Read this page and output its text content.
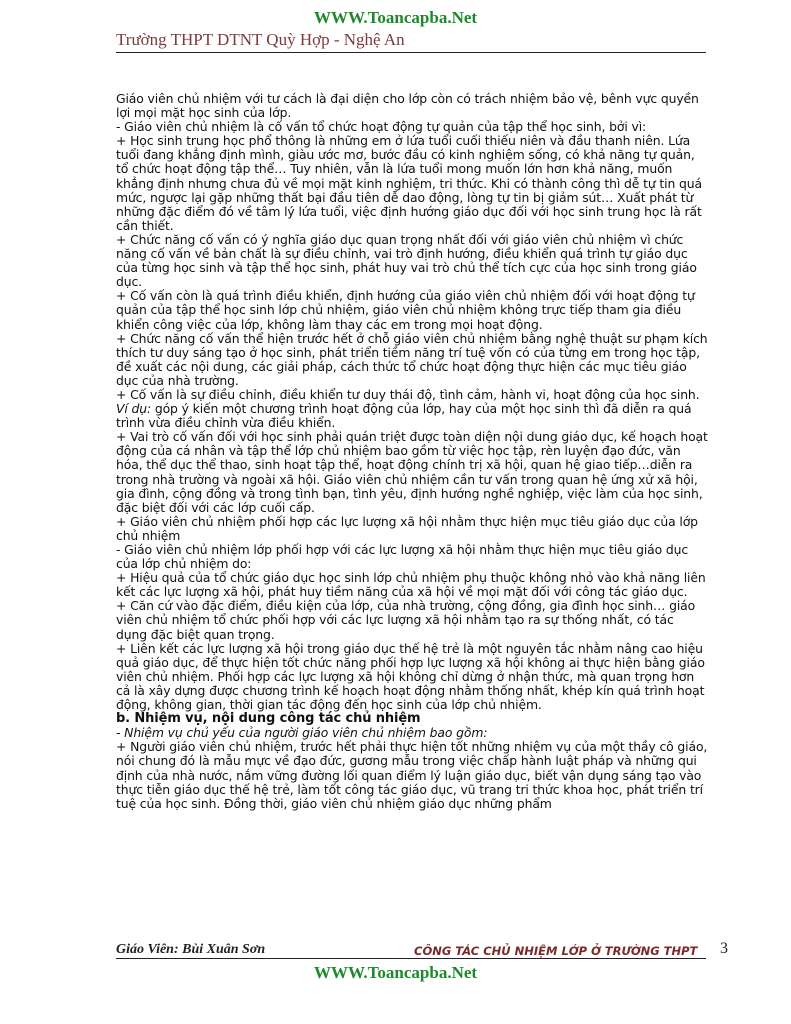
WWW.Toancapba.Net
Trường THPT DTNT Quỳ Hợp - Nghệ An

Giáo viên chủ nhiệm với tư cách là đại diện cho lớp còn có trách nhiệm bảo vệ, bênh vực quyền lợi mọi mặt học sinh của lớp.

- Giáo viên chủ nhiệm là cố vấn tổ chức hoạt động tự quản của tập thể học sinh, bởi vì:

+ Học sinh trung học phổ thông là những em ở lứa tuổi cuối thiếu niên và đầu thanh niên. Lứa tuổi đang khẳng định mình, giàu ước mơ, bước đầu có kinh nghiệm sống, có khả năng tự quản, tổ chức hoạt động tập thể… Tuy nhiên, vẫn là lứa tuổi mong muốn lớn hơn khả năng, muốn khẳng định nhưng chưa đủ về mọi mặt kinh nghiệm, tri thức. Khi có thành công thì dễ tự tin quá mức, ngược lại gặp những thất bại đầu tiên dễ dao động, lòng tự tin bị giảm sút… Xuất phát từ những đặc điểm đó về tâm lý lứa tuổi, việc định hướng giáo dục đối với học sinh trung học là rất cần thiết.

+ Chức năng cố vấn có ý nghĩa giáo dục quan trọng nhất đối với giáo viên chủ nhiệm vì chức năng cố vấn về bản chất là sự điều chỉnh, vai trò định hướng, điều khiển quá trình tự giáo dục của từng học sinh và tập thể học sinh, phát huy vai trò chủ thể tích cực của học sinh trong giáo dục.

+ Cố vấn còn là quá trình điều khiển, định hướng của giáo viên chủ nhiệm đối với hoạt động tự quản của tập thể học sinh lớp chủ nhiệm, giáo viên chủ nhiệm không trực tiếp tham gia điều khiển công việc của lớp, không làm thay các em trong mọi hoạt động.

+ Chức năng cố vấn thể hiện trước hết ở chỗ giáo viên chủ nhiệm bằng nghệ thuật sư phạm kích thích tư duy sáng tạo ở học sinh, phát triển tiềm năng trí tuệ vốn có của từng em trong học tập, đề xuất các nội dung, các giải pháp, cách thức tổ chức hoạt động thực hiện các mục tiêu giáo dục của nhà trường.

+ Cố vấn là sự điều chỉnh, điều khiển tư duy thái độ, tình cảm, hành vi, hoạt động của học sinh.

Ví dụ: góp ý kiến một chương trình hoạt động của lớp, hay của một học sinh thì đã diễn ra quá trình vừa điều chỉnh vừa điều khiển.

+ Vai trò cố vấn đối với học sinh phải quán triệt được toàn diện nội dung giáo dục, kế hoạch hoạt động của cá nhân và tập thể lớp chủ nhiệm bao gồm từ việc học tập, rèn luyện đạo đức, văn hóa, thể dục thể thao, sinh hoạt tập thể, hoạt động chính trị xã hội, quan hệ giao tiếp…diễn ra trong nhà trường và ngoài xã hội. Giáo viên chủ nhiệm cần tư vấn trong quan hệ ứng xử xã hội, gia đình, cộng đồng và trong tình bạn, tình yêu, định hướng nghề nghiệp, việc làm của học sinh, đặc biệt đối với các lớp cuối cấp.

+ Giáo viên chủ nhiệm phối hợp các lực lượng xã hội nhằm thực hiện mục tiêu giáo dục của lớp chủ nhiệm

- Giáo viên chủ nhiệm lớp phối hợp với các lực lượng xã hội nhằm thực hiện mục tiêu giáo dục của lớp chủ nhiệm do:

+ Hiệu quả của tổ chức giáo dục học sinh lớp chủ nhiệm phụ thuộc không nhỏ vào khả năng liên kết các lực lượng xã hội, phát huy tiềm năng của xã hội về mọi mặt đối với công tác giáo dục.

+ Căn cứ vào đặc điểm, điều kiện của lớp, của nhà trường, cộng đồng, gia đình học sinh… giáo viên chủ nhiệm tổ chức phối hợp với các lực lượng xã hội nhằm tạo ra sự thống nhất, có tác dụng đặc biệt quan trọng.

+ Liên kết các lực lượng xã hội trong giáo dục thế hệ trẻ là một nguyên tắc nhằm nâng cao hiệu quả giáo dục, để thực hiện tốt chức năng phối hợp lực lượng xã hội không ai thực hiện bằng giáo viên chủ nhiệm. Phối hợp các lực lượng xã hội không chỉ dừng ở nhận thức, mà quan trọng hơn cả là xây dựng được chương trình kế hoạch hoạt động nhằm thống nhất, khép kín quá trình hoạt động, không gian, thời gian tác động đến học sinh của lớp chủ nhiệm.

b. Nhiệm vụ, nội dung công tác chủ nhiệm

- Nhiệm vụ chủ yếu của người giáo viên chủ nhiệm bao gồm:

+ Người giáo viên chủ nhiệm, trước hết phải thực hiện tốt những nhiệm vụ của một thầy cô giáo, nói chung đó là mẫu mực về đạo đức, gương mẫu trong việc chấp hành luật pháp và những qui định của nhà nước, nắm vững đường lối quan điểm lý luận giáo dục, biết vận dụng sáng tạo vào thực tiễn giáo dục thế hệ trẻ, làm tốt công tác giáo dục, vũ trang tri thức khoa học, phát triển trí tuệ của học sinh. Đồng thời, giáo viên chủ nhiệm giáo dục những phẩm

Giáo Viên: Bùi Xuân Sơn	CÔNG TÁC CHỦ NHIỆM LỚP Ở TRƯỜNG THPT 3
WWW.Toancapba.Net
